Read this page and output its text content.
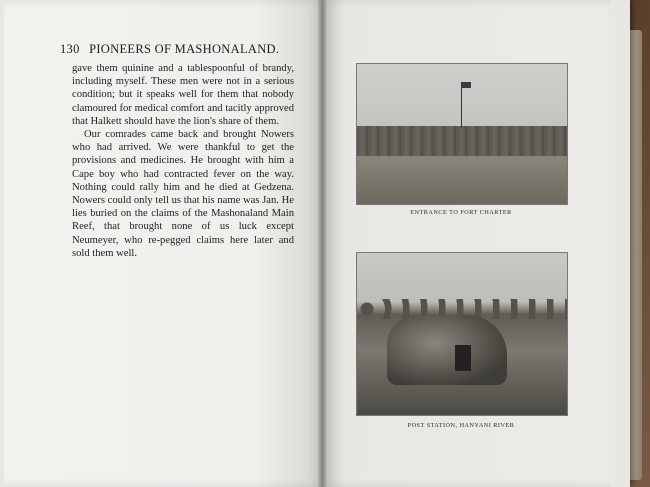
130 PIONEERS OF MASHONALAND.

gave them quinine and a tablespoonful of brandy, including myself. These men were not in a serious condition; but it speaks well for them that nobody clamoured for medical comfort and tacitly approved that Halkett should have the lion's share of them.

Our comrades came back and brought Nowers who had arrived. We were thankful to get the provisions and medicines. He brought with him a Cape boy who had contracted fever on the way. Nothing could rally him and he died at Gedzena. Nowers could only tell us that his name was Jan. He lies buried on the claims of the Mashonaland Main Reef, that brought none of us luck except Neumeyer, who re-pegged claims here later and sold them well.

ENTRANCE TO FORT CHARTER
POST STATION, HANYANI RIVER
